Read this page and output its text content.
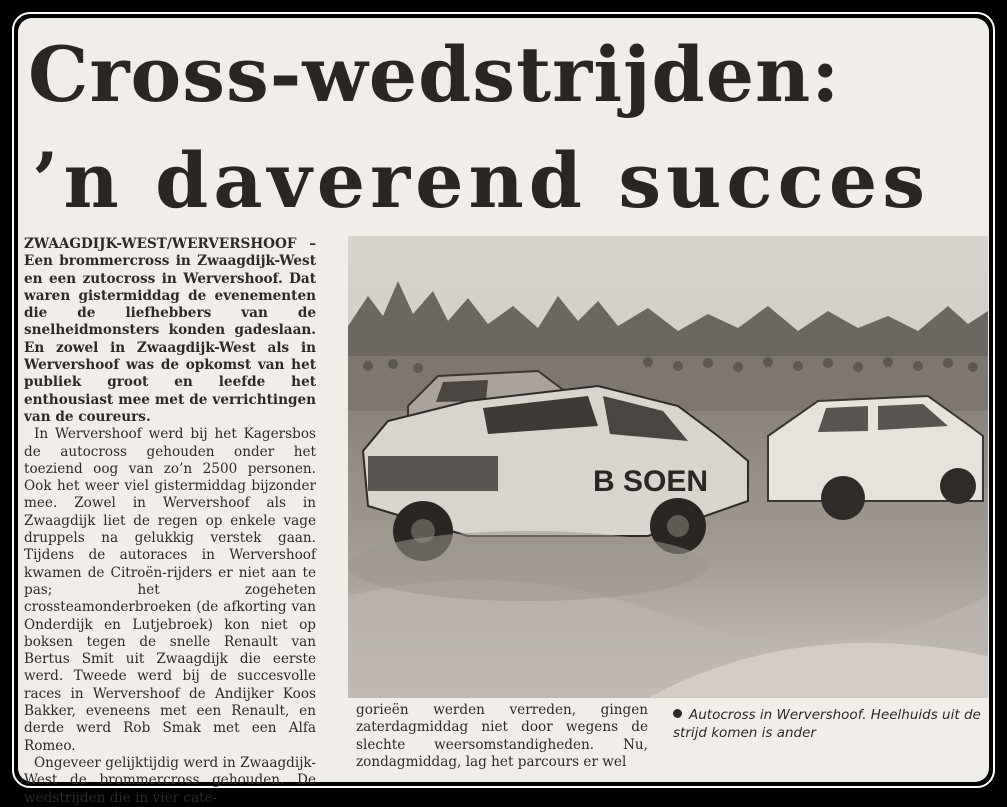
Cross-wedstrijden:
’n daverend succes

ZWAAGDIJK-WEST/WERVERSHOOF – Een brommercross in Zwaagdijk-West en een zutocross in Wervershoof. Dat waren gistermiddag de evenementen die de liefhebbers van de snelheidmonsters konden gadeslaan. En zowel in Zwaagdijk-West als in Wervershoof was de opkomst van het publiek groot en leefde het enthousiast mee met de verrichtingen van de coureurs.

In Wervershoof werd bij het Kagersbos de autocross gehouden onder het toeziend oog van zo’n 2500 personen. Ook het weer viel gistermiddag bijzonder mee. Zowel in Wervershoof als in Zwaagdijk liet de regen op enkele vage druppels na gelukkig verstek gaan. Tijdens de autoraces in Wervershoof kwamen de Citroën-rijders er niet aan te pas; het zogeheten crossteamonderbroeken (de afkorting van Onderdijk en Lutjebroek) kon niet op boksen tegen de snelle Renault van Bertus Smit uit Zwaagdijk die eerste werd. Tweede werd bij de succesvolle races in Wervershoof de Andijker Koos Bakker, eveneens met een Renault, en derde werd Rob Smak met een Alfa Romeo.

Ongeveer gelijktijdig werd in Zwaagdijk-West de brommercross gehouden. De wedstrijden die in vier cate-

B SOEN

gorieën werden verreden, gingen zaterdagmiddag niet door wegens de slechte weersomstandigheden. Nu, zondagmiddag, lag het parcours er wel

Autocross in Wervershoof. Heelhuids uit de strijd komen is ander
